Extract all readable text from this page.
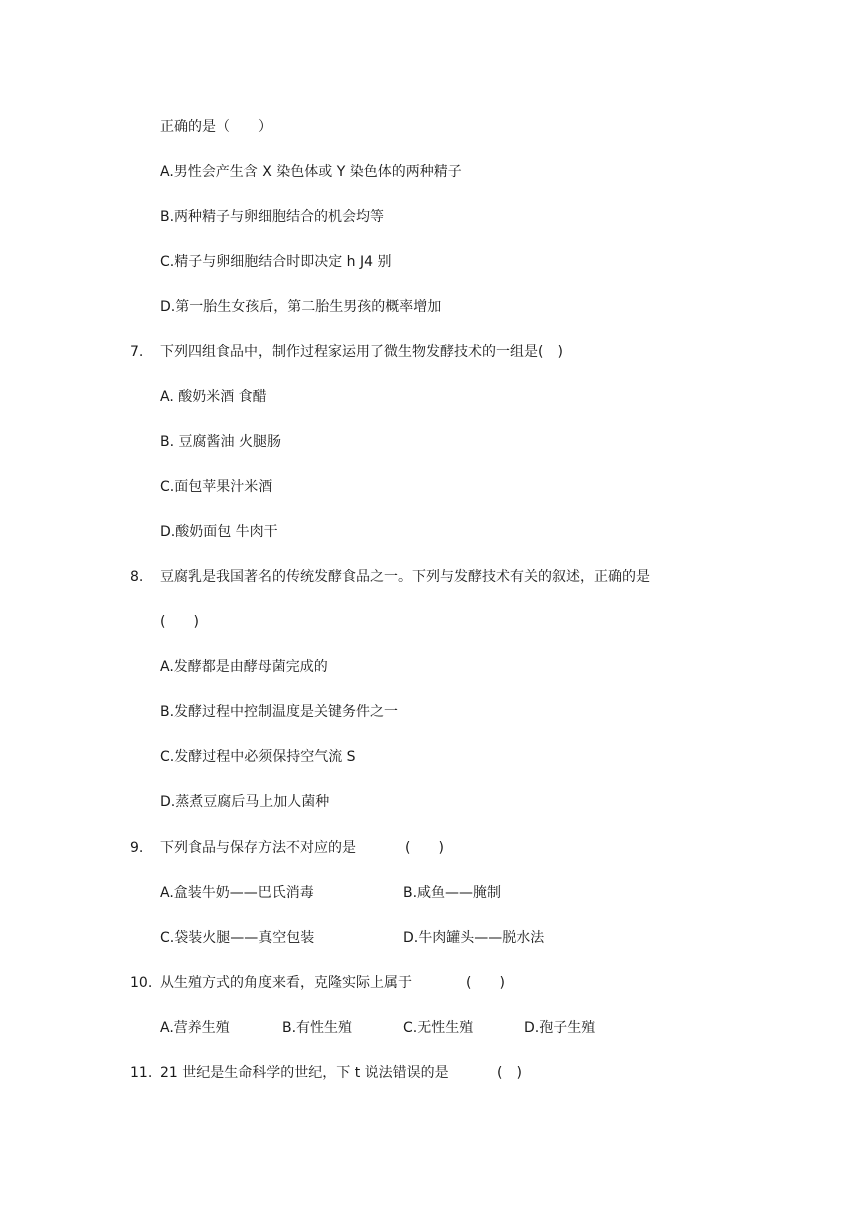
正确的是（　　）
A.男性会产生含 X 染色体或 Y 染色体的两种精子
B.两种精子与卵细胞结合的机会均等
C.精子与卵细胞结合时即决定 h J4 别
D.第一胎生女孩后，第二胎生男孩的概率增加
7. 下列四组食品中，制作过程家运用了微生物发酵技术的一组是(　)
A. 酸奶米酒 食醋
B. 豆腐酱油 火腿肠
C.面包苹果汁米酒
D.酸奶面包 牛肉干
8. 豆腐乳是我国著名的传统发酵食品之一。下列与发酵技术有关的叙述，正确的是
(　　)
A.发酵都是由酵母菌完成的
B.发酵过程中控制温度是关键务件之一
C.发酵过程中必须保持空气流 S
D.蒸煮豆腐后马上加人菌种
9. 下列食品与保存方法不对应的是	(　　)
A.盒装牛奶——巴氏消毒	B.咸鱼——腌制
C.袋装火腿——真空包装	D.牛肉罐头——脱水法
10. 从生殖方式的角度来看，克隆实际上属于	(　　)
A.营养生殖	B.有性生殖	C.无性生殖	D.孢子生殖
11. 21 世纪是生命科学的世纪，下 t 说法错误的是	(　)
